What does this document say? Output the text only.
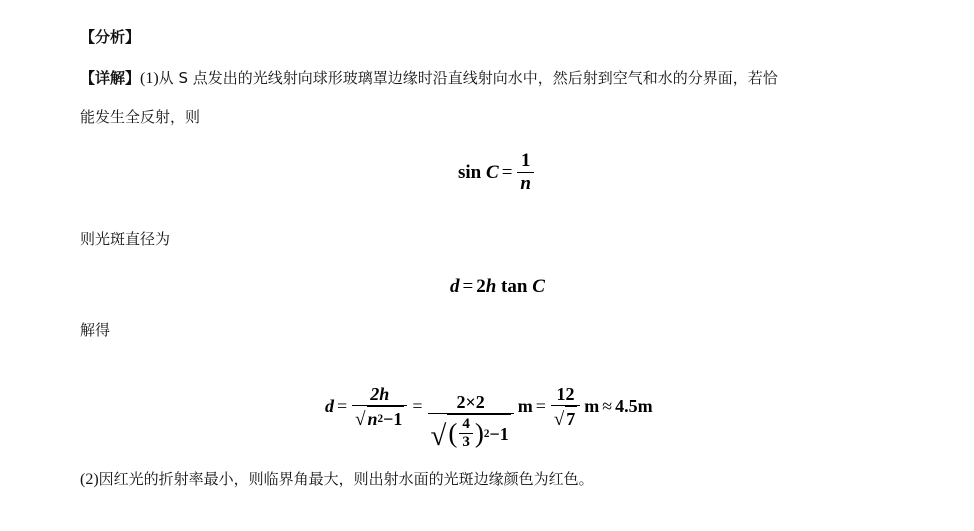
【分析】
【详解】(1)从 S 点发出的光线射向球形玻璃罩边缘时沿直线射向水中，然后射到空气和水的分界面，若恰
能发生全反射，则
sin
$C = \frac{1}{n}$
则光斑直径为
d = 2h tan C
解得
$d = \frac{2h}{√ n 2 -1} = 2\times 2$
√ ( $\frac{4}{3}$ ) 2 −1
$m = \frac{12}{√ 7}$ m ≈ 4.5m
(2)因红光的折射率最小，则临界角最大，则出射水面的光斑边缘颜色为红色。
